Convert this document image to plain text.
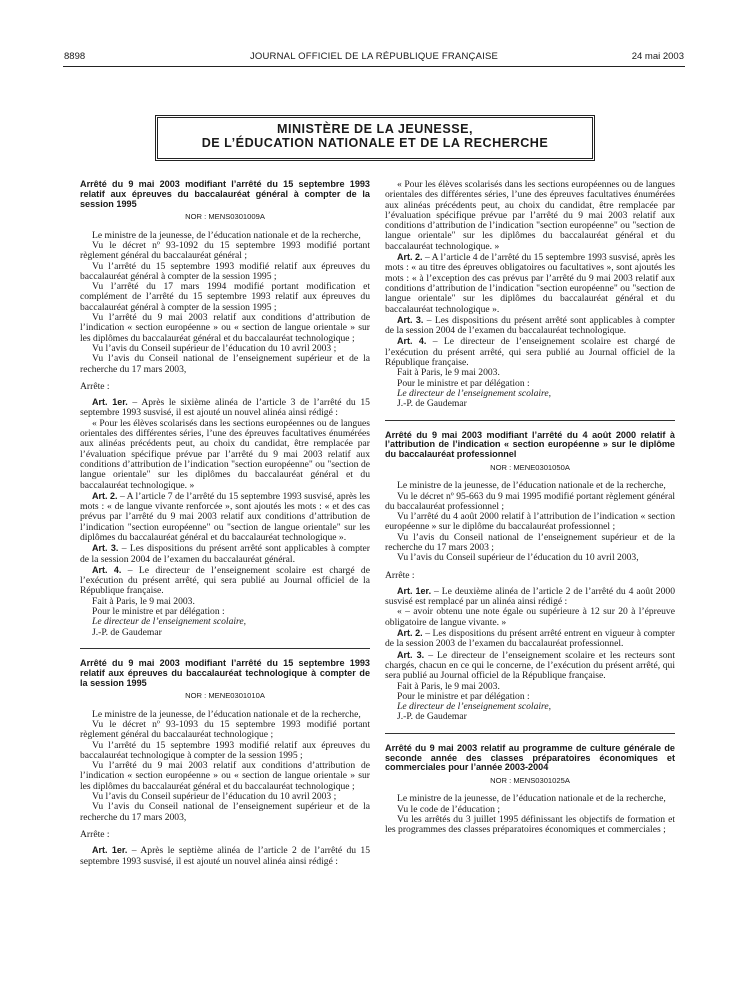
8898	JOURNAL OFFICIEL DE LA RÉPUBLIQUE FRANÇAISE	24 mai 2003
MINISTÈRE DE LA JEUNESSE,
DE L’ÉDUCATION NATIONALE ET DE LA RECHERCHE

Arrêté du 9 mai 2003 modifiant l’arrêté du 15 septembre 1993 relatif aux épreuves du baccalauréat général à compter de la session 1995

NOR : MENS0301009A

Le ministre de la jeunesse, de l’éducation nationale et de la recherche,

Vu le décret nº 93-1092 du 15 septembre 1993 modifié portant règlement général du baccalauréat général ;

Vu l’arrêté du 15 septembre 1993 modifié relatif aux épreuves du baccalauréat général à compter de la session 1995 ;

Vu l’arrêté du 17 mars 1994 modifié portant modification et complément de l’arrêté du 15 septembre 1993 relatif aux épreuves du baccalauréat général à compter de la session 1995 ;

Vu l’arrêté du 9 mai 2003 relatif aux conditions d’attribution de l’indication « section européenne » ou « section de langue orientale » sur les diplômes du baccalauréat général et du baccalauréat technologique ;

Vu l’avis du Conseil supérieur de l’éducation du 10 avril 2003 ;

Vu l’avis du Conseil national de l’enseignement supérieur et de la recherche du 17 mars 2003,

Arrête :

Art. 1er. – Après le sixième alinéa de l’article 3 de l’arrêté du 15 septembre 1993 susvisé, il est ajouté un nouvel alinéa ainsi rédigé :

« Pour les élèves scolarisés dans les sections européennes ou de langues orientales des différentes séries, l’une des épreuves facultatives énumérées aux alinéas précédents peut, au choix du candidat, être remplacée par l’évaluation spécifique prévue par l’arrêté du 9 mai 2003 relatif aux conditions d’attribution de l’indication "section européenne" ou "section de langue orientale" sur les diplômes du baccalauréat général et du baccalauréat technologique. »

Art. 2. – A l’article 7 de l’arrêté du 15 septembre 1993 susvisé, après les mots : « de langue vivante renforcée », sont ajoutés les mots : « et des cas prévus par l’arrêté du 9 mai 2003 relatif aux conditions d’attribution de l’indication "section européenne" ou "section de langue orientale" sur les diplômes du baccalauréat général et du baccalauréat technologique ».

Art. 3. – Les dispositions du présent arrêté sont applicables à compter de la session 2004 de l’examen du baccalauréat général.

Art. 4. – Le directeur de l’enseignement scolaire est chargé de l’exécution du présent arrêté, qui sera publié au Journal officiel de la République française.

Fait à Paris, le 9 mai 2003.

Pour le ministre et par délégation :

Le directeur de l’enseignement scolaire,

J.-P. de Gaudemar

Arrêté du 9 mai 2003 modifiant l’arrêté du 15 septembre 1993 relatif aux épreuves du baccalauréat technologique à compter de la session 1995

NOR : MENE0301010A

Le ministre de la jeunesse, de l’éducation nationale et de la recherche,

Vu le décret nº 93-1093 du 15 septembre 1993 modifié portant règlement général du baccalauréat technologique ;

Vu l’arrêté du 15 septembre 1993 modifié relatif aux épreuves du baccalauréat technologique à compter de la session 1995 ;

Vu l’arrêté du 9 mai 2003 relatif aux conditions d’attribution de l’indication « section européenne » ou « section de langue orientale » sur les diplômes du baccalauréat général et du baccalauréat technologique ;

Vu l’avis du Conseil supérieur de l’éducation du 10 avril 2003 ;

Vu l’avis du Conseil national de l’enseignement supérieur et de la recherche du 17 mars 2003,

Arrête :

Art. 1er. – Après le septième alinéa de l’article 2 de l’arrêté du 15 septembre 1993 susvisé, il est ajouté un nouvel alinéa ainsi rédigé :

« Pour les élèves scolarisés dans les sections européennes ou de langues orientales des différentes séries, l’une des épreuves facultatives énumérées aux alinéas précédents peut, au choix du candidat, être remplacée par l’évaluation spécifique prévue par l’arrêté du 9 mai 2003 relatif aux conditions d’attribution de l’indication "section européenne" ou "section de langue orientale" sur les diplômes du baccalauréat général et du baccalauréat technologique. »

Art. 2. – A l’article 4 de l’arrêté du 15 septembre 1993 susvisé, après les mots : « au titre des épreuves obligatoires ou facultatives », sont ajoutés les mots : « à l’exception des cas prévus par l’arrêté du 9 mai 2003 relatif aux conditions d’attribution de l’indication "section européenne" ou "section de langue orientale" sur les diplômes du baccalauréat général et du baccalauréat technologique ».

Art. 3. – Les dispositions du présent arrêté sont applicables à compter de la session 2004 de l’examen du baccalauréat technologique.

Art. 4. – Le directeur de l’enseignement scolaire est chargé de l’exécution du présent arrêté, qui sera publié au Journal officiel de la République française.

Fait à Paris, le 9 mai 2003.

Pour le ministre et par délégation :

Le directeur de l’enseignement scolaire,

J.-P. de Gaudemar

Arrêté du 9 mai 2003 modifiant l’arrêté du 4 août 2000 relatif à l’attribution de l’indication « section européenne » sur le diplôme du baccalauréat professionnel

NOR : MENE0301050A

Le ministre de la jeunesse, de l’éducation nationale et de la recherche,

Vu le décret nº 95-663 du 9 mai 1995 modifié portant règlement général du baccalauréat professionnel ;

Vu l’arrêté du 4 août 2000 relatif à l’attribution de l’indication « section européenne » sur le diplôme du baccalauréat professionnel ;

Vu l’avis du Conseil national de l’enseignement supérieur et de la recherche du 17 mars 2003 ;

Vu l’avis du Conseil supérieur de l’éducation du 10 avril 2003,

Arrête :

Art. 1er. – Le deuxième alinéa de l’article 2 de l’arrêté du 4 août 2000 susvisé est remplacé par un alinéa ainsi rédigé :

« – avoir obtenu une note égale ou supérieure à 12 sur 20 à l’épreuve obligatoire de langue vivante. »

Art. 2. – Les dispositions du présent arrêté entrent en vigueur à compter de la session 2003 de l’examen du baccalauréat professionnel.

Art. 3. – Le directeur de l’enseignement scolaire et les recteurs sont chargés, chacun en ce qui le concerne, de l’exécution du présent arrêté, qui sera publié au Journal officiel de la République française.

Fait à Paris, le 9 mai 2003.

Pour le ministre et par délégation :

Le directeur de l’enseignement scolaire,

J.-P. de Gaudemar

Arrêté du 9 mai 2003 relatif au programme de culture générale de seconde année des classes préparatoires économiques et commerciales pour l’année 2003-2004

NOR : MENS0301025A

Le ministre de la jeunesse, de l’éducation nationale et de la recherche,

Vu le code de l’éducation ;

Vu les arrêtés du 3 juillet 1995 définissant les objectifs de formation et les programmes des classes préparatoires économiques et commerciales ;
